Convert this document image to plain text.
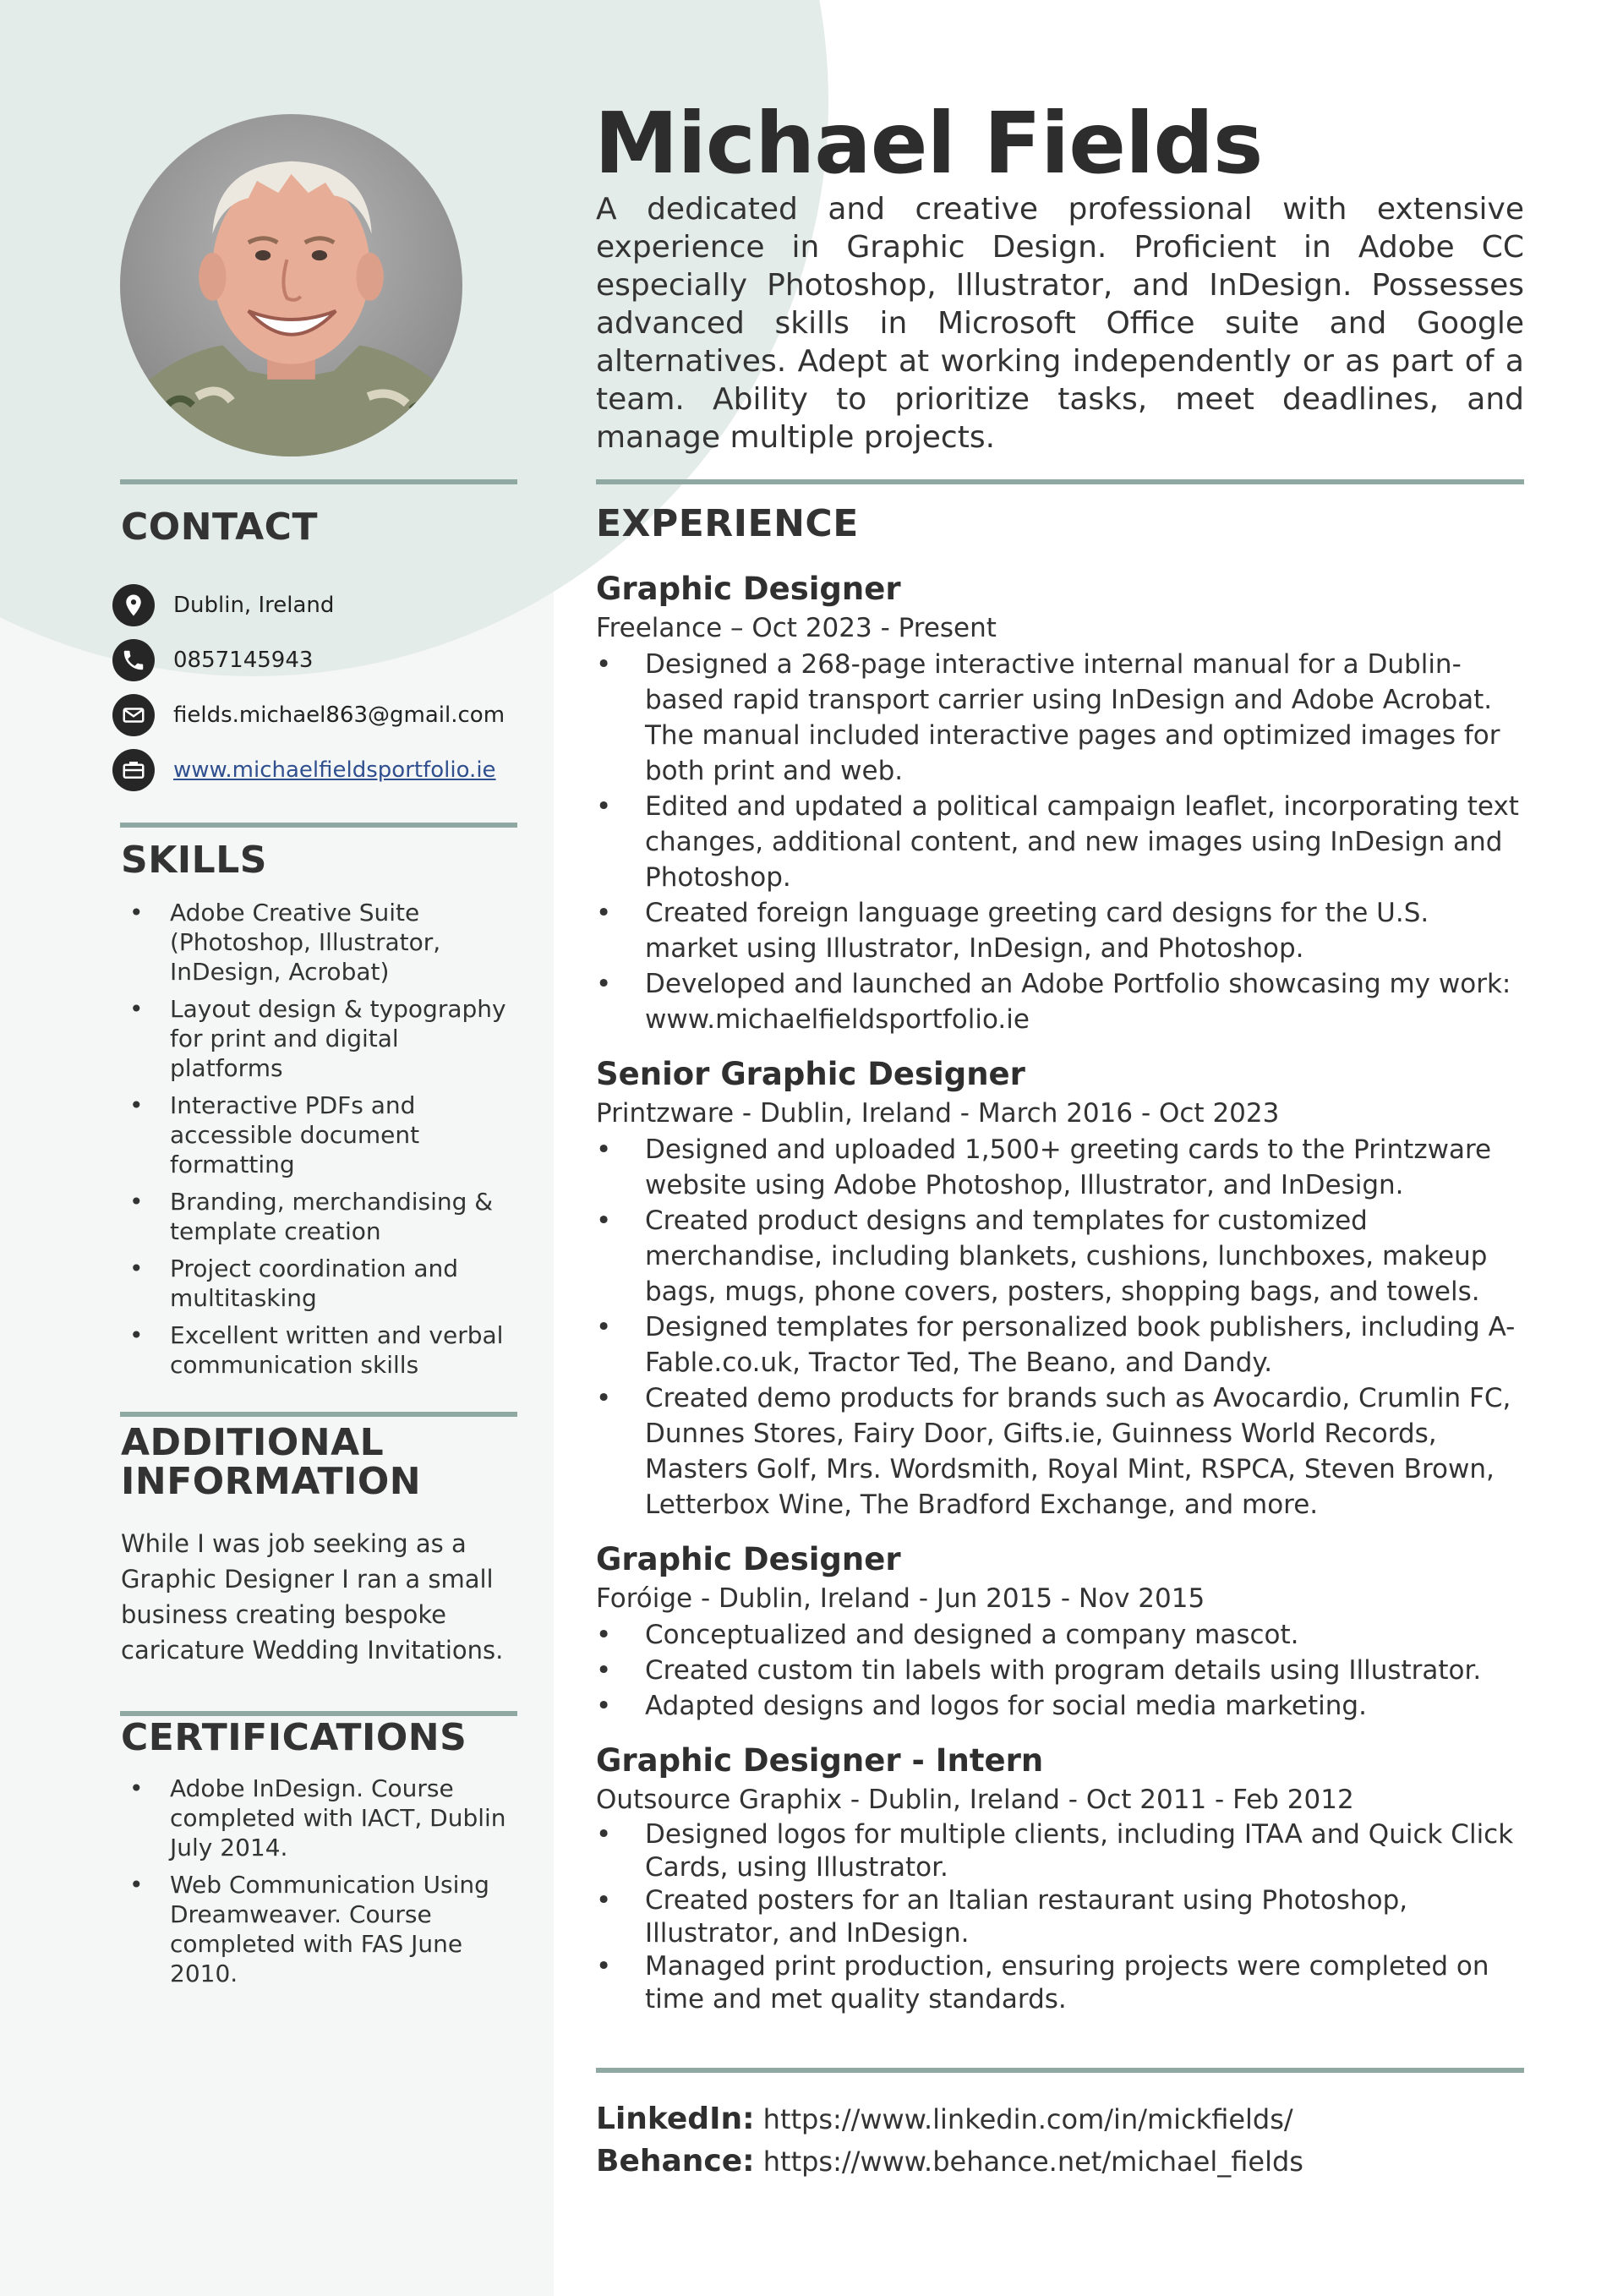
Michael Fields

A dedicated and creative professional with extensive experience in Graphic Design. Proficient in Adobe CC especially Photoshop, Illustrator, and InDesign. Possesses advanced skills in Microsoft Office suite and Google alternatives. Adept at working independently or as part of a team. Ability to prioritize tasks, meet deadlines, and manage multiple projects.

CONTACT
Dublin, Ireland
0857145943
fields.michael863@gmail.com
www.michaelfieldsportfolio.ie
SKILLS
• Adobe Creative Suite (Photoshop, Illustrator, InDesign, Acrobat)
• Layout design & typography for print and digital platforms
• Interactive PDFs and accessible document formatting
• Branding, merchandising & template creation
• Project coordination and multitasking
• Excellent written and verbal communication skills
ADDITIONAL
INFORMATION

While I was job seeking as a Graphic Designer I ran a small business creating bespoke caricature Wedding Invitations.

CERTIFICATIONS
• Adobe InDesign. Course completed with IACT, Dublin July 2014.
• Web Communication Using Dreamweaver. Course completed with FAS June 2010.
EXPERIENCE

Graphic Designer

Freelance – Oct 2023 - Present

• Designed a 268-page interactive internal manual for a Dublin-based rapid transport carrier using InDesign and Adobe Acrobat. The manual included interactive pages and optimized images for both print and web.
• Edited and updated a political campaign leaflet, incorporating text changes, additional content, and new images using InDesign and Photoshop.
• Created foreign language greeting card designs for the U.S. market using Illustrator, InDesign, and Photoshop.
• Developed and launched an Adobe Portfolio showcasing my work: www.michaelfieldsportfolio.ie

Senior Graphic Designer

Printzware - Dublin, Ireland - March 2016 - Oct 2023

• Designed and uploaded 1,500+ greeting cards to the Printzware website using Adobe Photoshop, Illustrator, and InDesign.
• Created product designs and templates for customized merchandise, including blankets, cushions, lunchboxes, makeup bags, mugs, phone covers, posters, shopping bags, and towels.
• Designed templates for personalized book publishers, including A-Fable.co.uk, Tractor Ted, The Beano, and Dandy.
• Created demo products for brands such as Avocardio, Crumlin FC, Dunnes Stores, Fairy Door, Gifts.ie, Guinness World Records, Masters Golf, Mrs. Wordsmith, Royal Mint, RSPCA, Steven Brown, Letterbox Wine, The Bradford Exchange, and more.

Graphic Designer

Foróige - Dublin, Ireland - Jun 2015 - Nov 2015

• Conceptualized and designed a company mascot.
• Created custom tin labels with program details using Illustrator.
• Adapted designs and logos for social media marketing.

Graphic Designer - Intern

Outsource Graphix - Dublin, Ireland - Oct 2011 - Feb 2012

• Designed logos for multiple clients, including ITAA and Quick Click Cards, using Illustrator.
• Created posters for an Italian restaurant using Photoshop, Illustrator, and InDesign.
• Managed print production, ensuring projects were completed on time and met quality standards.
LinkedIn: https://www.linkedin.com/in/mickfields/
Behance: https://www.behance.net/michael_fields
